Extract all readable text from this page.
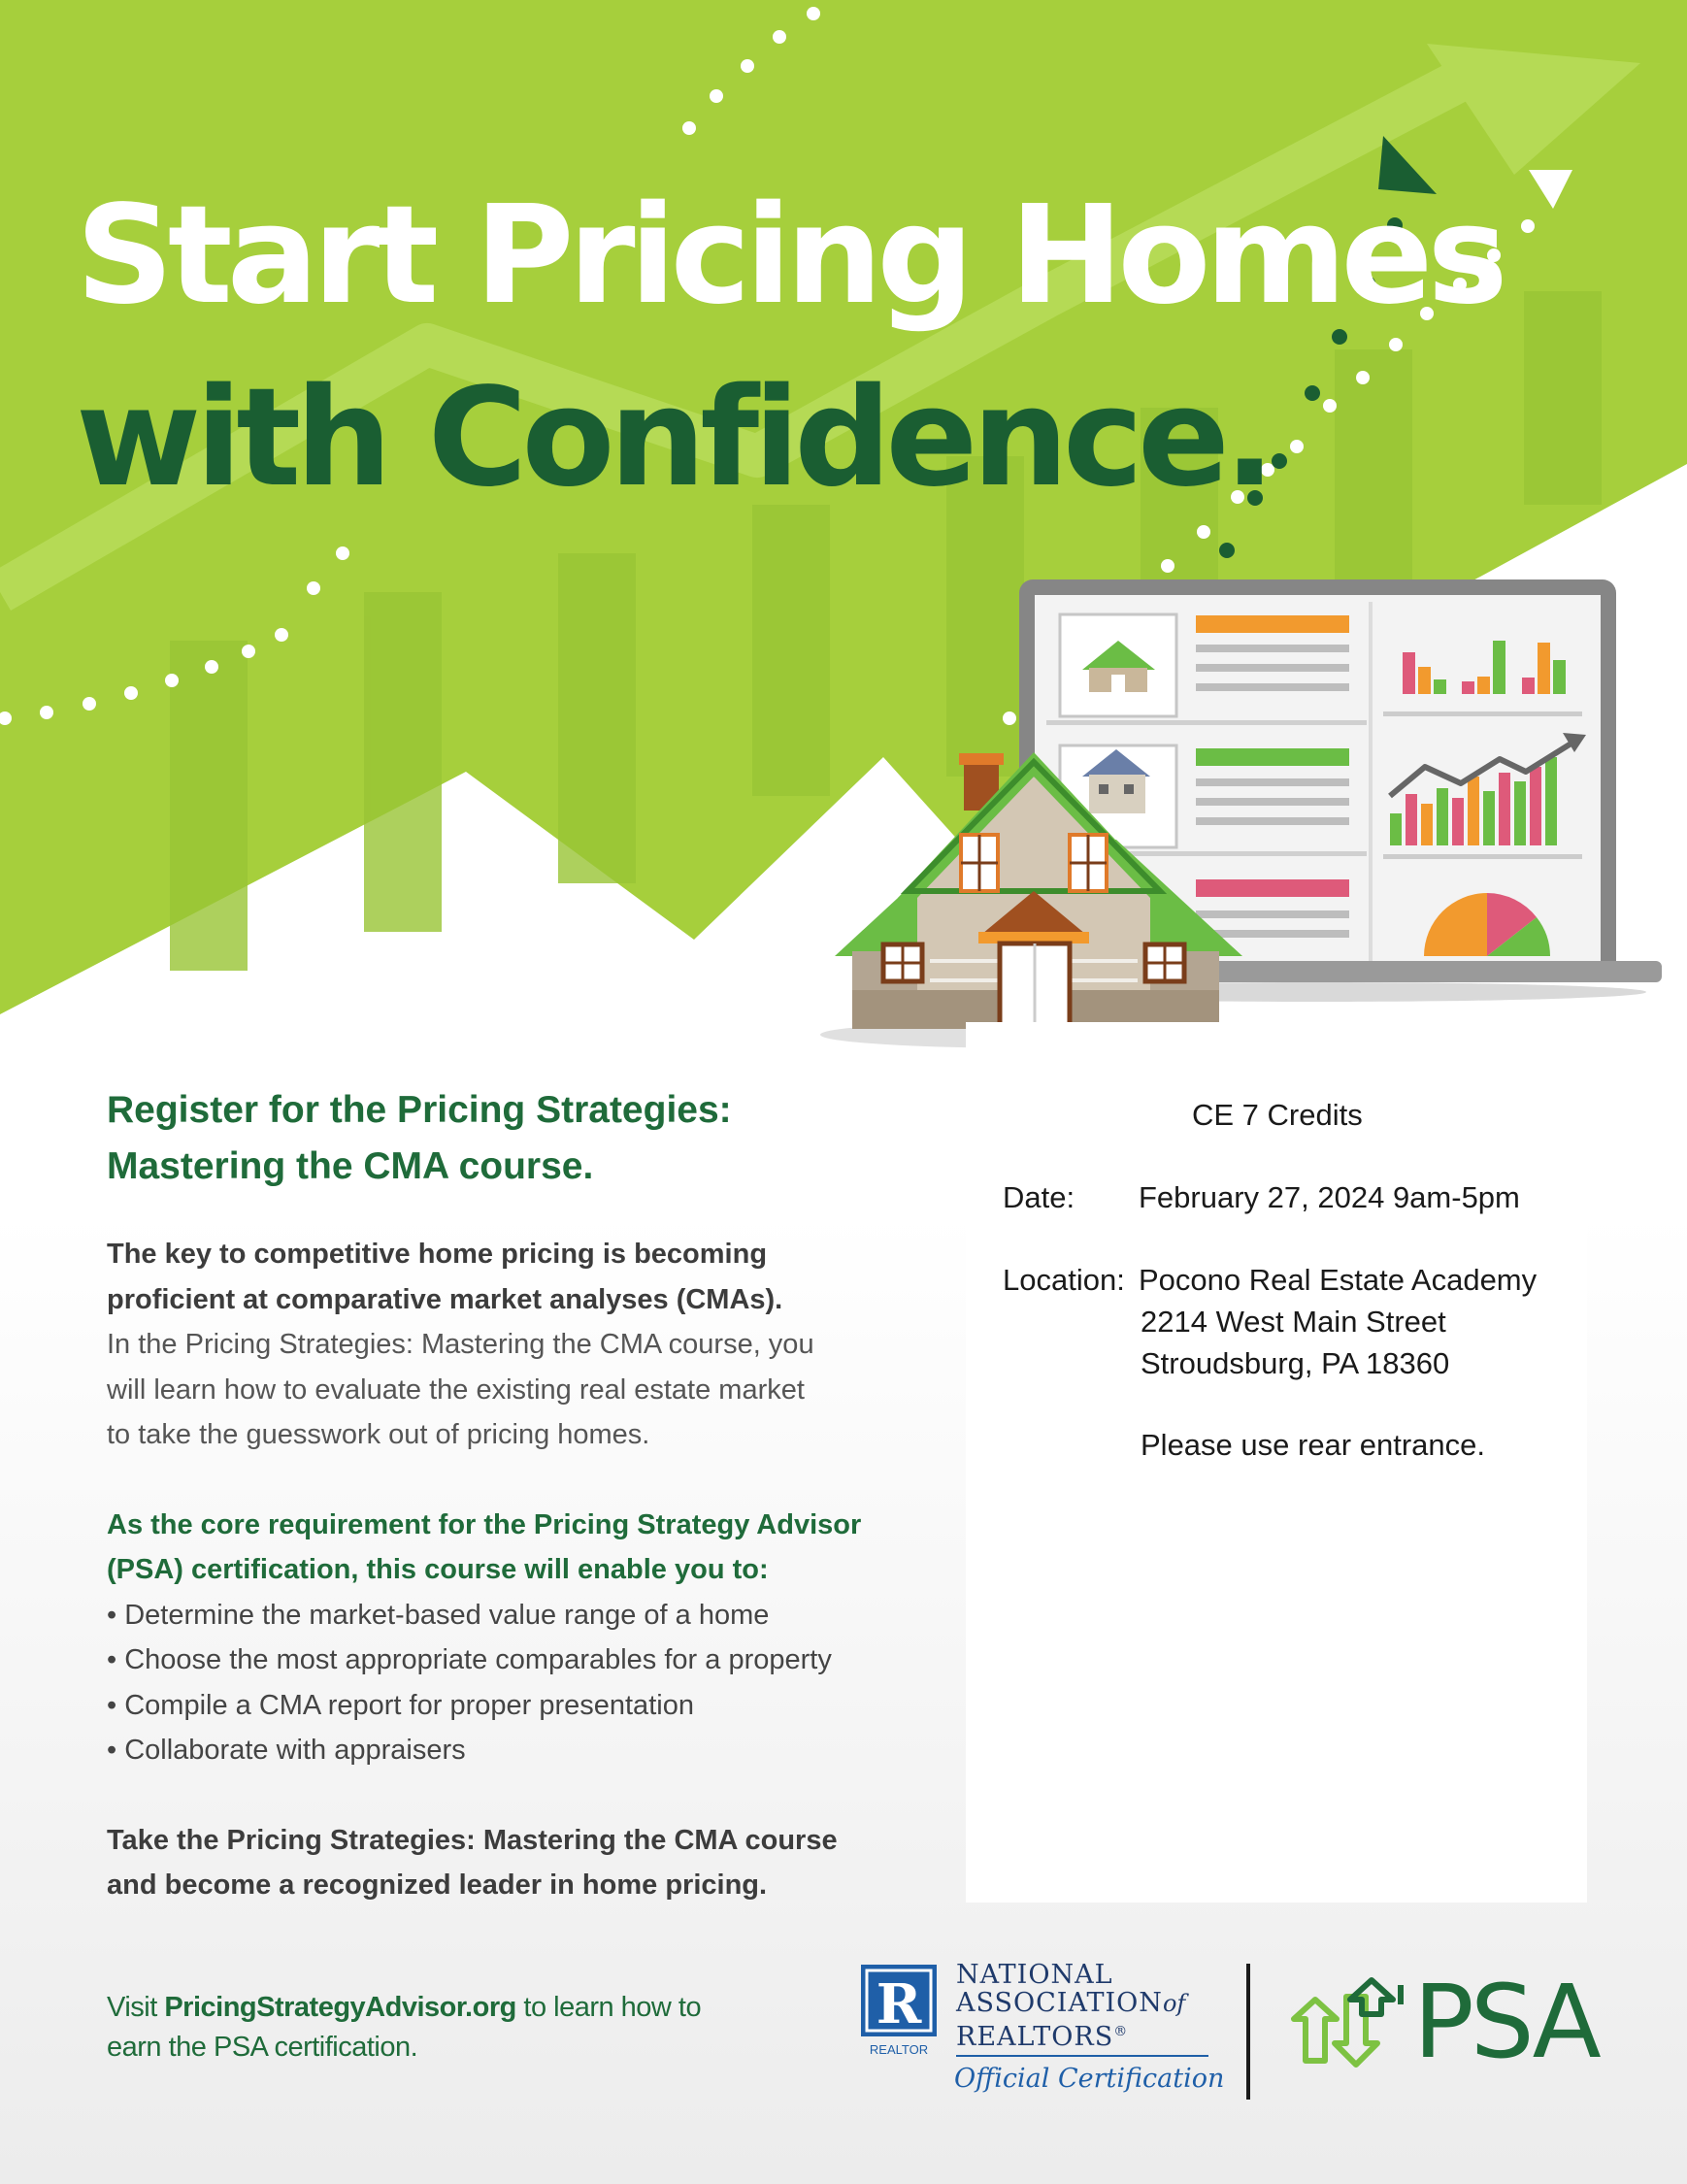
Start Pricing Homes
with Confidence.
Register for the Pricing Strategies:
Mastering the CMA course.

The key to competitive home pricing is becoming
proficient at comparative market analyses (CMAs).
In the Pricing Strategies: Mastering the CMA course, you
will learn how to evaluate the existing real estate market
to take the guesswork out of pricing homes.

As the core requirement for the Pricing Strategy Advisor
(PSA) certification, this course will enable you to:

• Determine the market-based value range of a home
• Choose the most appropriate comparables for a property
• Compile a CMA report for proper presentation
• Collaborate with appraisers

Take the Pricing Strategies: Mastering the CMA course
and become a recognized leader in home pricing.

CE 7 Credits
Date: February 27, 2024 9am-5pm
Location: Pocono Real Estate Academy
2214 West Main Street
Stroudsburg, PA 18360
Please use rear entrance.
Visit PricingStrategyAdvisor.org to learn how to
earn the PSA certification.
R
REALTOR
NATIONAL
ASSOCIATIONof
REALTORS®
Official Certification PSA
